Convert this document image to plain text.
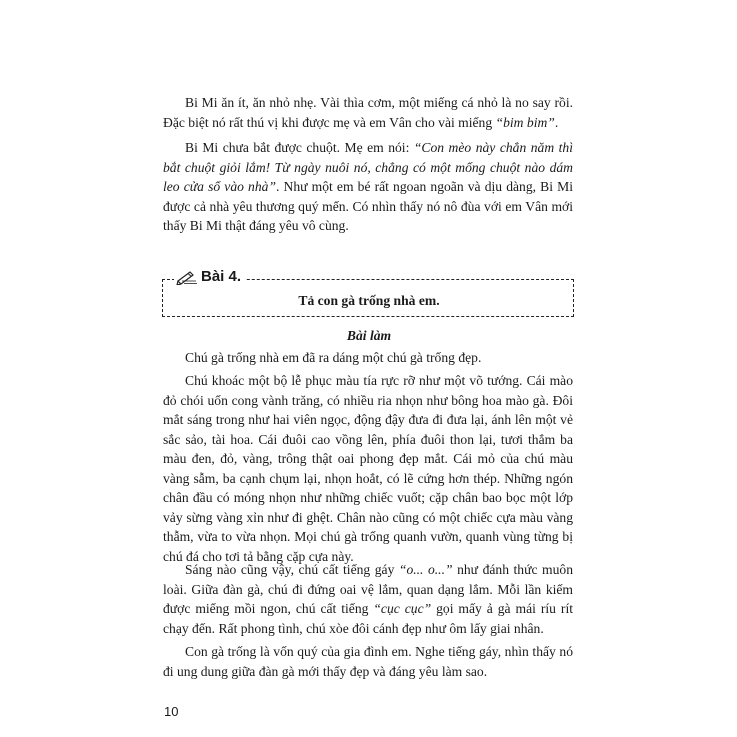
Bi Mi ăn ít, ăn nhỏ nhẹ. Vài thìa cơm, một miếng cá nhỏ là no say rồi. Đặc biệt nó rất thú vị khi được mẹ và em Vân cho vài miếng “bim bim”.

Bi Mi chưa bắt được chuột. Mẹ em nói: “Con mèo này chẳn năm thì bắt chuột giỏi lắm! Từ ngày nuôi nó, chẳng có một mống chuột nào dám leo cửa sổ vào nhà”. Như một em bé rất ngoan ngoãn và dịu dàng, Bi Mi được cả nhà yêu thương quý mến. Có nhìn thấy nó nô đùa với em Vân mới thấy Bi Mi thật đáng yêu vô cùng.

Bài 4.
Tả con gà trống nhà em.
Bài làm

Chú gà trống nhà em đã ra dáng một chú gà trống đẹp.

Chú khoác một bộ lễ phục màu tía rực rỡ như một võ tướng. Cái mào đỏ chói uốn cong vành trăng, có nhiều ria nhọn như bông hoa mào gà. Đôi mắt sáng trong như hai viên ngọc, động đậy đưa đi đưa lại, ánh lên một vẻ sắc sảo, tài hoa. Cái đuôi cao vồng lên, phía đuôi thon lại, tươi thắm ba màu đen, đỏ, vàng, trông thật oai phong đẹp mắt. Cái mỏ của chú màu vàng sẫm, ba cạnh chụm lại, nhọn hoắt, có lẽ cứng hơn thép. Những ngón chân đầu có móng nhọn như những chiếc vuốt; cặp chân bao bọc một lớp vảy sừng vàng xỉn như đi ghệt. Chân nào cũng có một chiếc cựa màu vàng thẫm, vừa to vừa nhọn. Mọi chú gà trống quanh vườn, quanh vùng từng bị chú đá cho tơi tả bằng cặp cựa này.

Sáng nào cũng vậy, chú cất tiếng gáy “o... o...” như đánh thức muôn loài. Giữa đàn gà, chú đi đứng oai vệ lắm, quan dạng lắm. Mỗi lần kiếm được miếng mồi ngon, chú cất tiếng “cục cục” gọi mấy ả gà mái ríu rít chạy đến. Rất phong tình, chú xòe đôi cánh đẹp như ôm lấy giai nhân.

Con gà trống là vốn quý của gia đình em. Nghe tiếng gáy, nhìn thấy nó đi ung dung giữa đàn gà mới thấy đẹp và đáng yêu làm sao.

10
